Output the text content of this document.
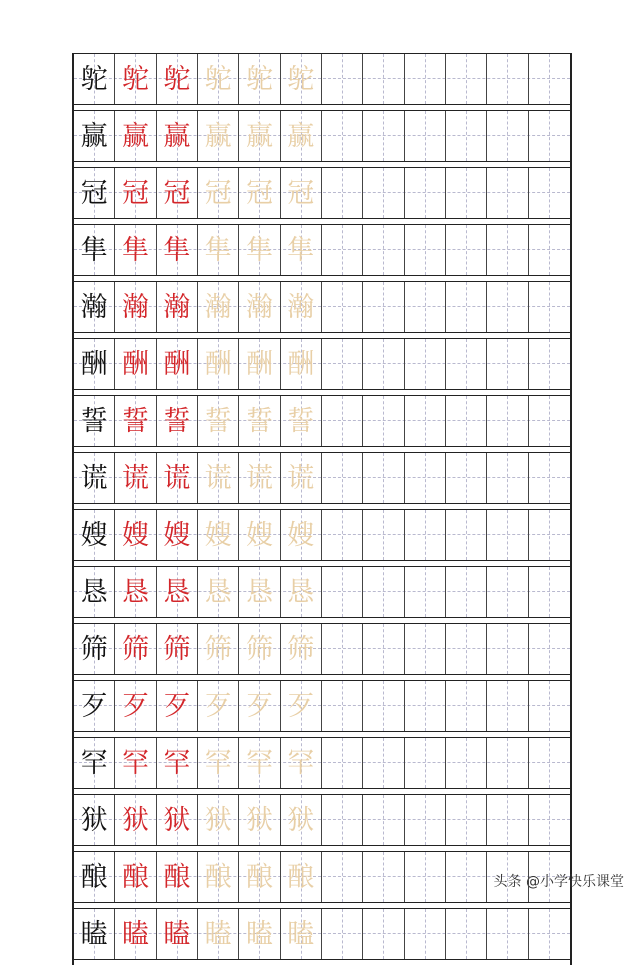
鸵 鸵 鸵 鸵 鸵 鸵
赢 赢 赢 赢 赢 赢
冠 冠 冠 冠 冠 冠
隼 隼 隼 隼 隼 隼
瀚 瀚 瀚 瀚 瀚 瀚
酬 酬 酬 酬 酬 酬
誓 誓 誓 誓 誓 誓
谎 谎 谎 谎 谎 谎
嫂 嫂 嫂 嫂 嫂 嫂
恳 恳 恳 恳 恳 恳
筛 筛 筛 筛 筛 筛
歹 歹 歹 歹 歹 歹
罕 罕 罕 罕 罕 罕
狱 狱 狱 狱 狱 狱
酿 酿 酿 酿 酿 酿
瞌 瞌 瞌 瞌 瞌 瞌
头条 @小学快乐课堂
